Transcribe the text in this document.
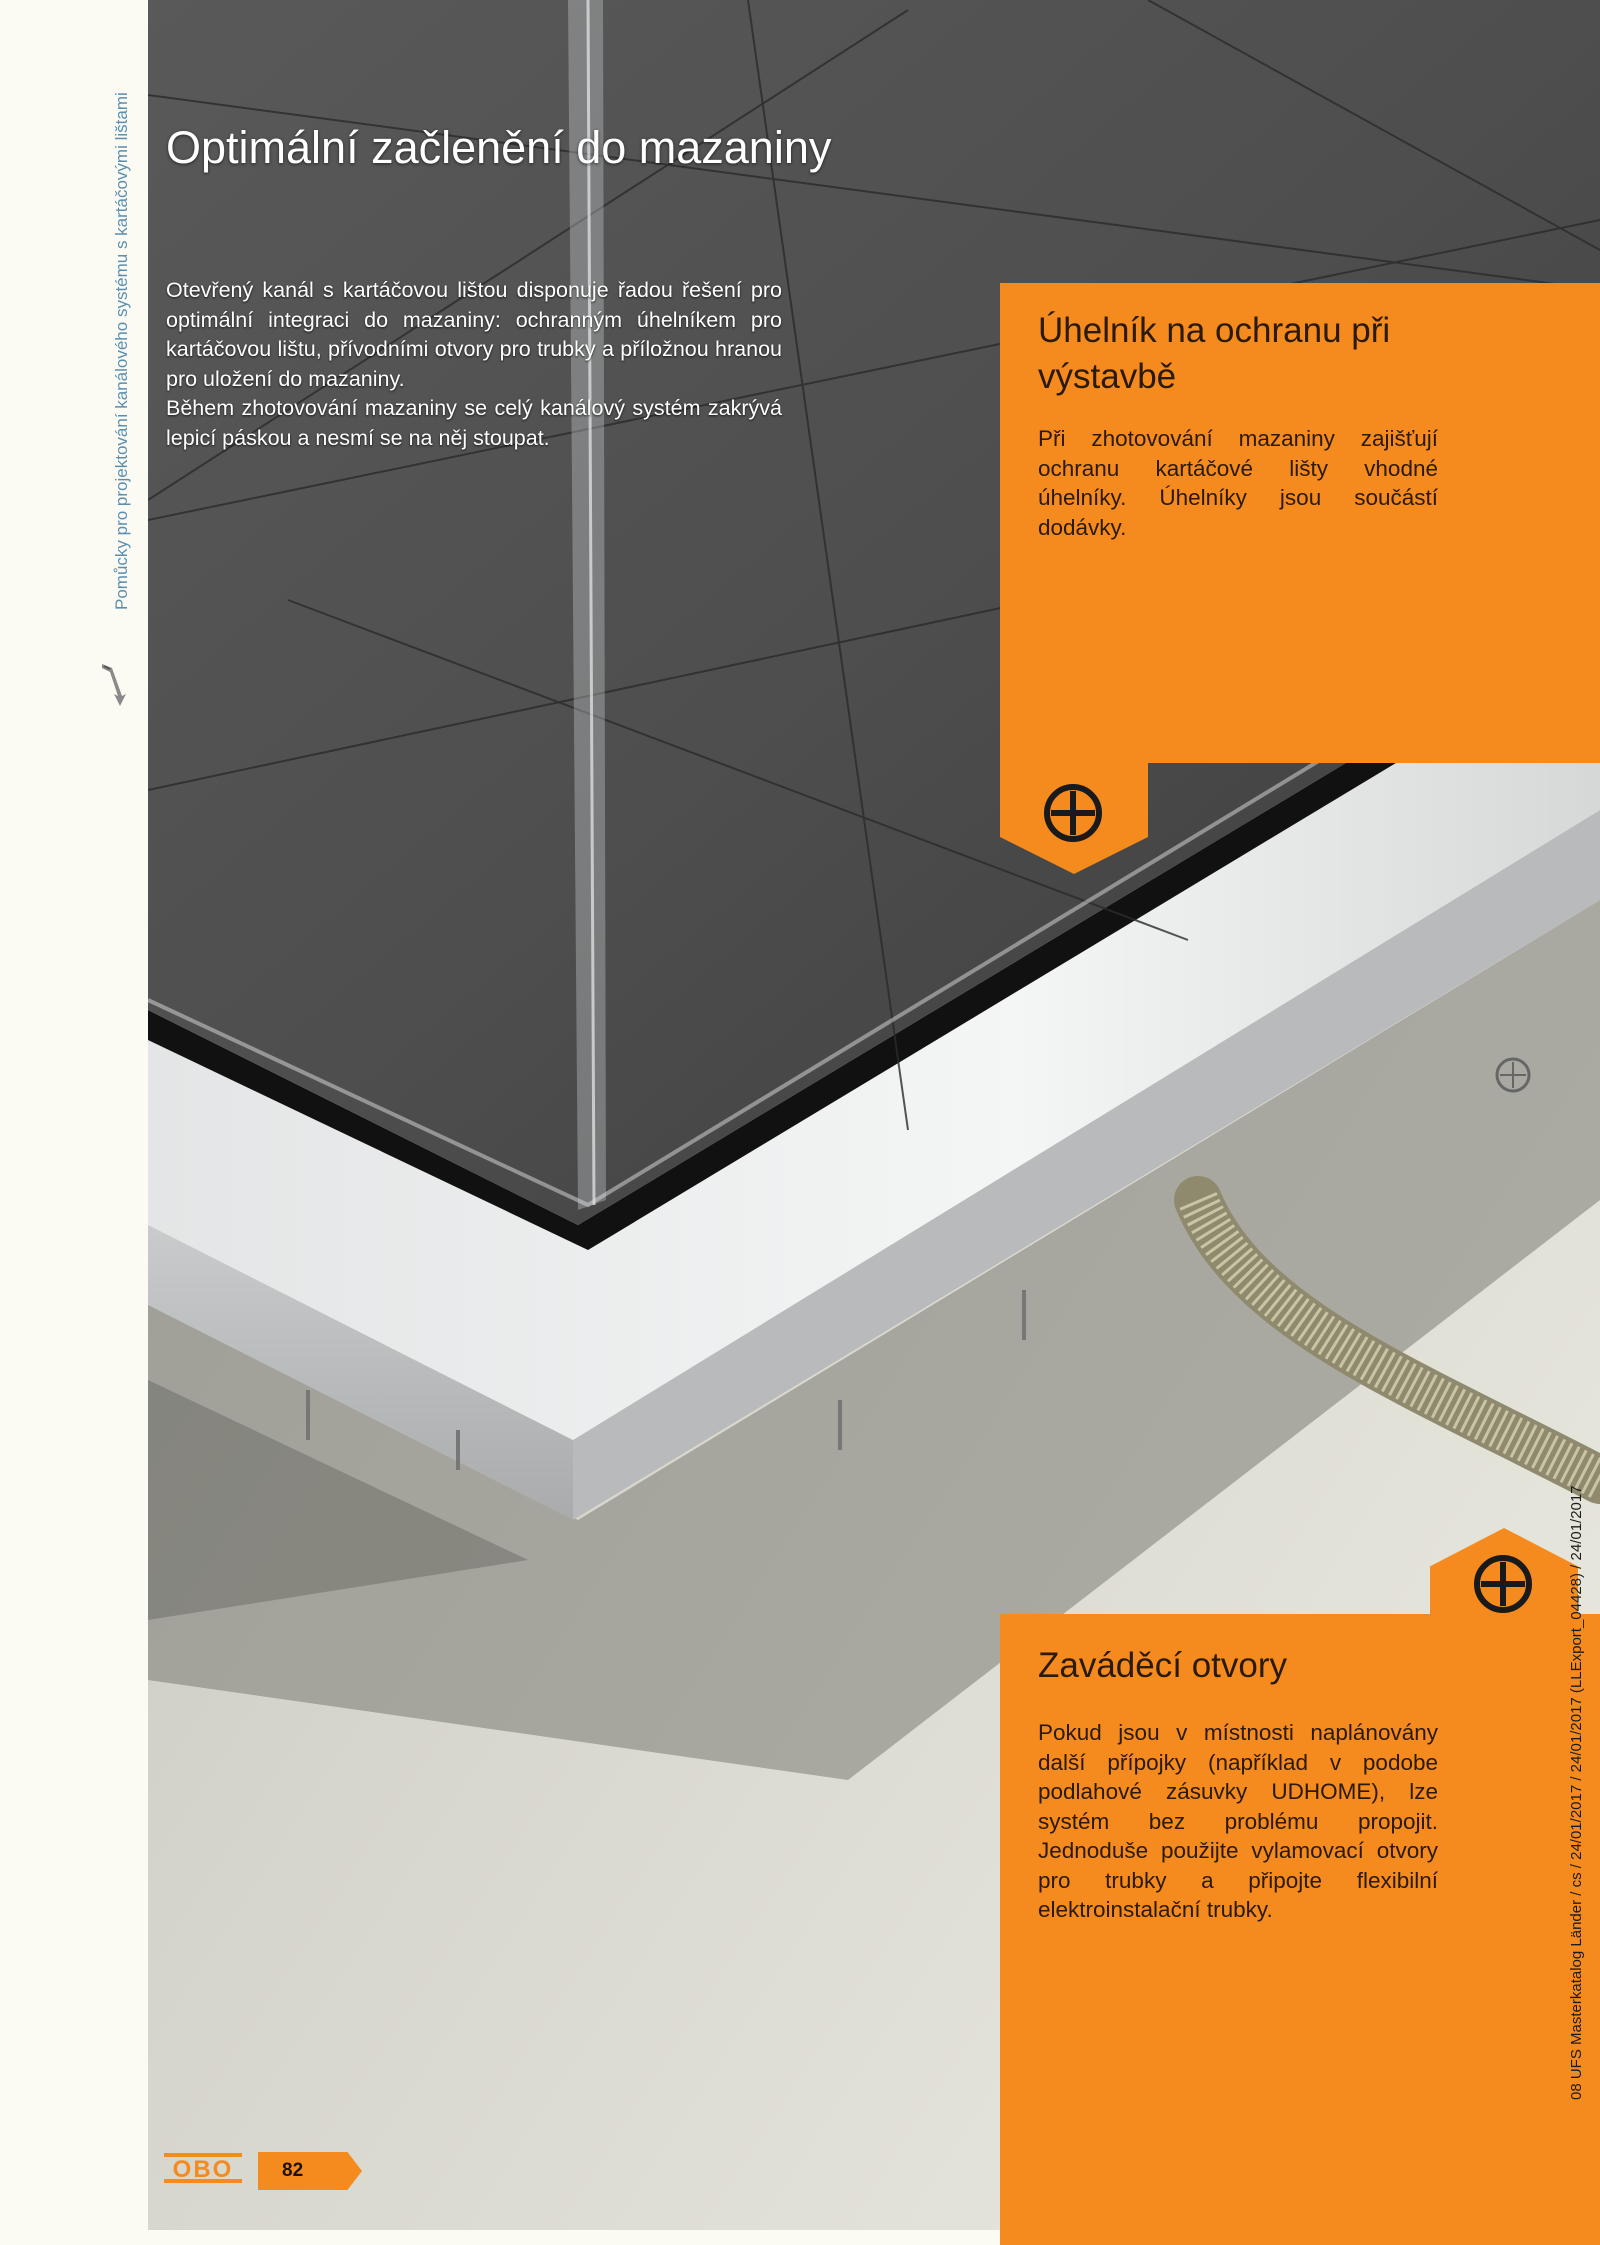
Pomůcky pro projektování kanálového systému s kartáčovými lištami Optimální začlenění do mazaniny

Otevřený kanál s kartáčovou lištou disponuje řadou řešení pro optimální integraci do mazaniny: ochranným úhelníkem pro kartáčovou lištu, přívodními otvory pro trubky a příložnou hranou pro uložení do mazaniny.

Během zhotovování mazaniny se celý kanálový systém zakrývá lepicí páskou a nesmí se na něj stoupat.

Úhelník na ochranu při výstavbě

Při zhotovování mazaniny zajišťují ochranu kartáčové lišty vhodné úhelníky. Úhelníky jsou součástí dodávky.

Zaváděcí otvory

Pokud jsou v místnosti naplánovány další přípojky (například v podobe podlahové zásuvky UDHOME), lze systém bez problému propojit. Jednoduše použijte vylamovací otvory pro trubky a připojte flexibilní elektroinstalační trubky.	08 UFS Masterkatalog Länder / cs / 24/01/2017 / 24/01/2017 (LLExport_04428) / 24/01/2017
OBO	82
